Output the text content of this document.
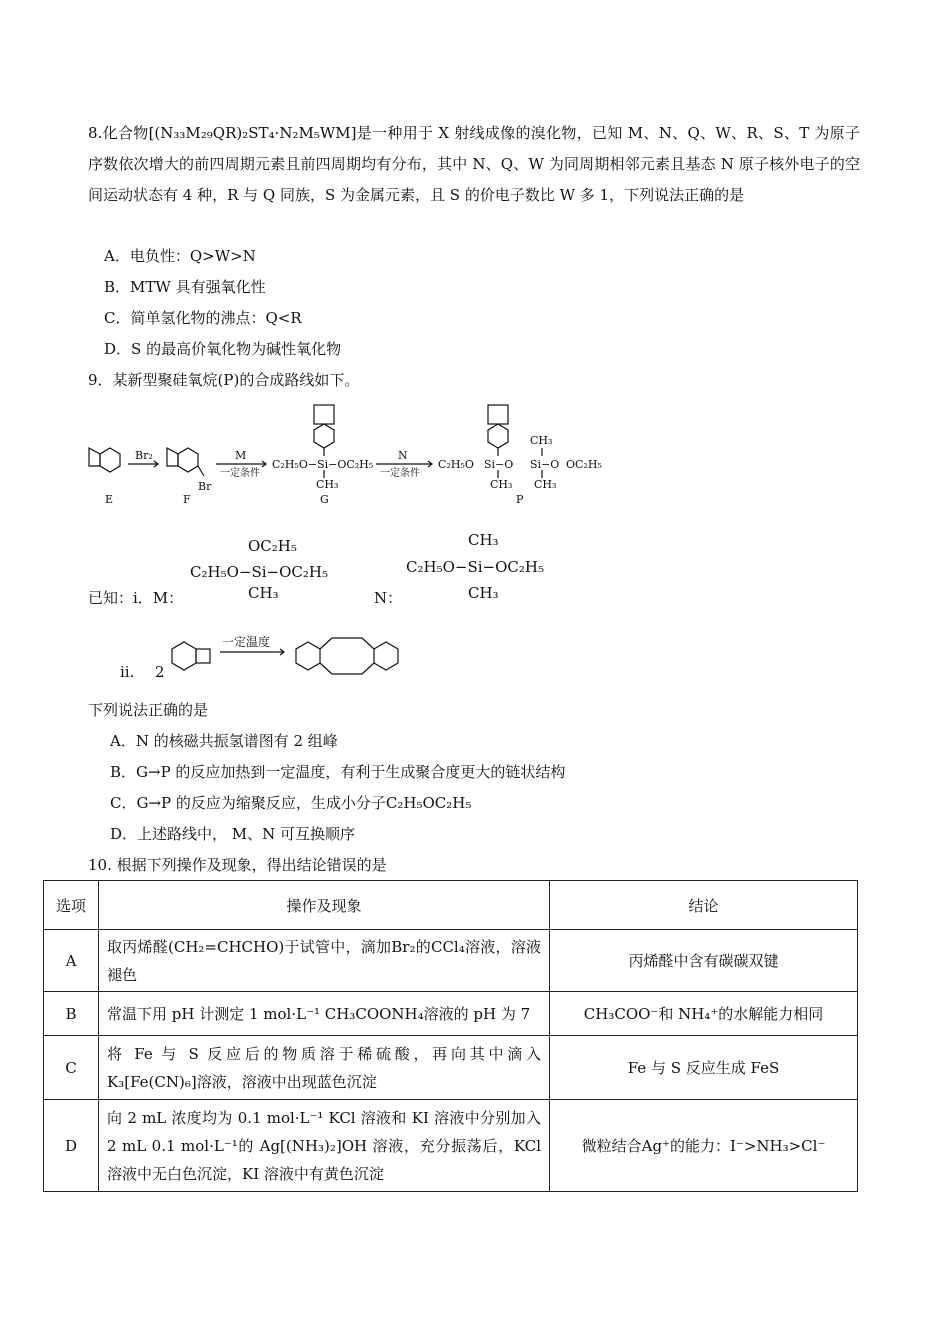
8.化合物[(N₃₃M₂₉QR)₂ST₄·N₂M₅WM]是一种用于 X 射线成像的溴化物，已知 M、N、Q、W、R、S、T 为原子序数依次增大的前四周期元素且前四周期均有分布，其中 N、Q、W 为同周期相邻元素且基态 N 原子核外电子的空间运动状态有 4 种，R 与 Q 同族，S 为金属元素，且 S 的价电子数比 W 多 1，下列说法正确的是
A．电负性：Q>W>N
B．MTW 具有强氧化性
C．简单氢化物的沸点：Q<R
D．S 的最高价氧化物为碱性氧化物
9．某新型聚硅氧烷(P)的合成路线如下。
E	F
Br
Br₂	M
一定条件
C₂H₅O−Si−OC₂H₅
CH₃
G
N
一定条件
C₂H₅O Si−O
CH₃
Si−O OC₂H₅
CH₃ CH₃
P
已知：i．M：
OC₂H₅
C₂H₅O−Si−OC₂H₅
CH₃	N：
CH₃
C₂H₅O−Si−OC₂H₅
CH₃
ii. 2
一定温度
下列说法正确的是
A．N 的核磁共振氢谱图有 2 组峰
B．G→P 的反应加热到一定温度，有利于生成聚合度更大的链状结构
C．G→P 的反应为缩聚反应，生成小分子C₂H₅OC₂H₅
D．上述路线中， M、N 可互换顺序
10. 根据下列操作及现象，得出结论错误的是
选项	操作及现象	结论
A	取丙烯醛(CH₂=CHCHO)于试管中，滴加Br₂的CCl₄溶液，溶液褪色	丙烯醛中含有碳碳双键
B	常温下用 pH 计测定 1 mol·L⁻¹ CH₃COONH₄溶液的 pH 为 7	CH₃COO⁻和 NH₄⁺的水解能力相同
C	将 Fe 与 S 反应后的物质溶于稀硫酸，再向其中滴入K₃[Fe(CN)₆]溶液，溶液中出现蓝色沉淀	Fe 与 S 反应生成 FeS
D	向 2 mL 浓度均为 0.1 mol·L⁻¹ KCl 溶液和 KI 溶液中分别加入 2 mL 0.1 mol·L⁻¹的 Ag[(NH₃)₂]OH 溶液，充分振荡后，KCl 溶液中无白色沉淀，KI 溶液中有黄色沉淀	微粒结合Ag⁺的能力：I⁻>NH₃>Cl⁻
